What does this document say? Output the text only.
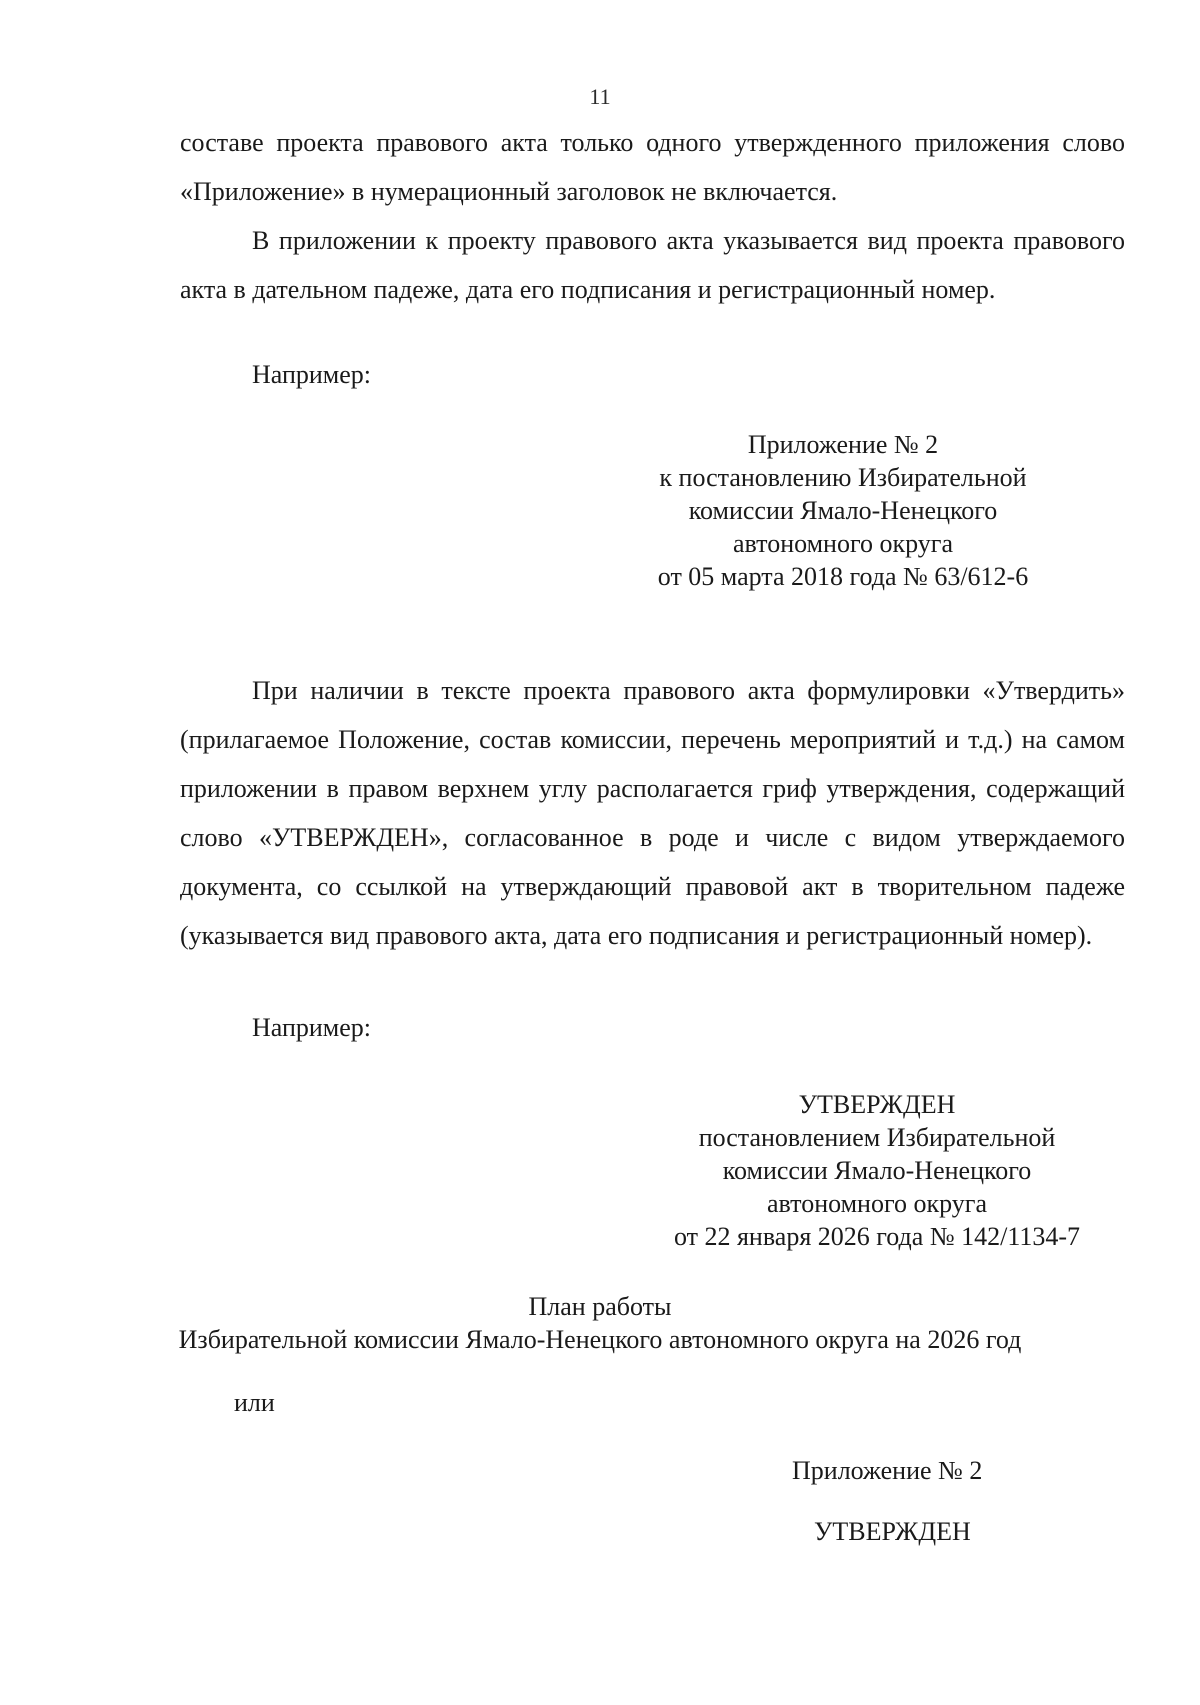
11

составе проекта правового акта только одного утвержденного приложения слово «Приложение» в нумерационный заголовок не включается.

В приложении к проекту правового акта указывается вид проекта правового акта в дательном падеже, дата его подписания и регистрационный номер.

Например:
Приложение № 2
к постановлению Избирательной
комиссии Ямало-Ненецкого
автономного округа
от 05 марта 2018 года № 63/612-6

При наличии в тексте проекта правового акта формулировки «Утвердить» (прилагаемое Положение, состав комиссии, перечень мероприятий и т.д.) на самом приложении в правом верхнем углу располагается гриф утверждения, содержащий слово «УТВЕРЖДЕН», согласованное в роде и числе с видом утверждаемого документа, со ссылкой на утверждающий правовой акт в творительном падеже (указывается вид правового акта, дата его подписания и регистрационный номер).

Например:
УТВЕРЖДЕН
постановлением Избирательной
комиссии Ямало-Ненецкого
автономного округа
от 22 января 2026 года № 142/1134-7
План работы
Избирательной комиссии Ямало-Ненецкого автономного округа на 2026 год
или
Приложение № 2
УТВЕРЖДЕН
